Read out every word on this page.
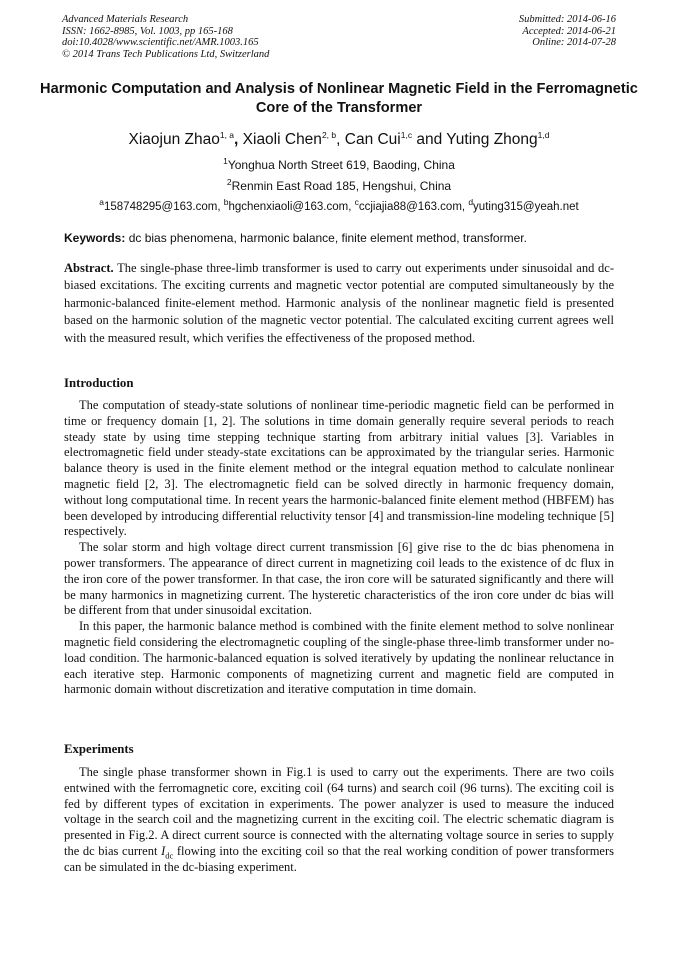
Advanced Materials Research
ISSN: 1662-8985, Vol. 1003, pp 165-168
doi:10.4028/www.scientific.net/AMR.1003.165
© 2014 Trans Tech Publications Ltd, Switzerland
Submitted: 2014-06-16
Accepted: 2014-06-21
Online: 2014-07-28
Harmonic Computation and Analysis of Nonlinear Magnetic Field in the Ferromagnetic Core of the Transformer
Xiaojun Zhao$^{1, a}$, Xiaoli Chen$^{2, b}$, Can Cui$^{1,c}$ and Yuting Zhong$^{1,d}$
$^1$Yonghua North Street 619, Baoding, China
$^2$Renmin East Road 185, Hengshui, China
$^a$158748295@163.com, $^b$hgchenxiaoli@163.com, $^c$ccjiajia88@163.com, $^d$yuting315@yeah.net
Keywords: dc bias phenomena, harmonic balance, finite element method, transformer.
Abstract. The single-phase three-limb transformer is used to carry out experiments under sinusoidal and dc-biased excitations. The exciting currents and magnetic vector potential are computed simultaneously by the harmonic-balanced finite-element method. Harmonic analysis of the nonlinear magnetic field is presented based on the harmonic solution of the magnetic vector potential. The calculated exciting current agrees well with the measured result, which verifies the effectiveness of the proposed method.
Introduction

The computation of steady-state solutions of nonlinear time-periodic magnetic field can be performed in time or frequency domain [1, 2]. The solutions in time domain generally require several periods to reach steady state by using time stepping technique starting from arbitrary initial values [3]. Variables in electromagnetic field under steady-state excitations can be approximated by the triangular series. Harmonic balance theory is used in the finite element method or the integral equation method to calculate nonlinear magnetic field [2, 3]. The electromagnetic field can be solved directly in harmonic frequency domain, without long computational time. In recent years the harmonic-balanced finite element method (HBFEM) has been developed by introducing differential reluctivity tensor [4] and transmission-line modeling technique [5] respectively.

The solar storm and high voltage direct current transmission [6] give rise to the dc bias phenomena in power transformers. The appearance of direct current in magnetizing coil leads to the existence of dc flux in the iron core of the power transformer. In that case, the iron core will be saturated significantly and there will be many harmonics in magnetizing current. The hysteretic characteristics of the iron core under dc bias will be different from that under sinusoidal excitation.

In this paper, the harmonic balance method is combined with the finite element method to solve nonlinear magnetic field considering the electromagnetic coupling of the single-phase three-limb transformer under no-load condition. The harmonic-balanced equation is solved iteratively by updating the nonlinear reluctance in each iterative step. Harmonic components of magnetizing current and magnetic field are computed in harmonic domain without discretization and iterative computation in time domain.

Experiments

The single phase transformer shown in Fig.1 is used to carry out the experiments. There are two coils entwined with the ferromagnetic core, exciting coil (64 turns) and search coil (96 turns). The exciting coil is fed by different types of excitation in experiments. The power analyzer is used to measure the induced voltage in the search coil and the magnetizing current in the exciting coil. The electric schematic diagram is presented in Fig.2. A direct current source is connected with the alternating voltage source in series to supply the dc bias current $I_{dc}$ flowing into the exciting coil so that the real working condition of power transformers can be simulated in the dc-biasing experiment.
